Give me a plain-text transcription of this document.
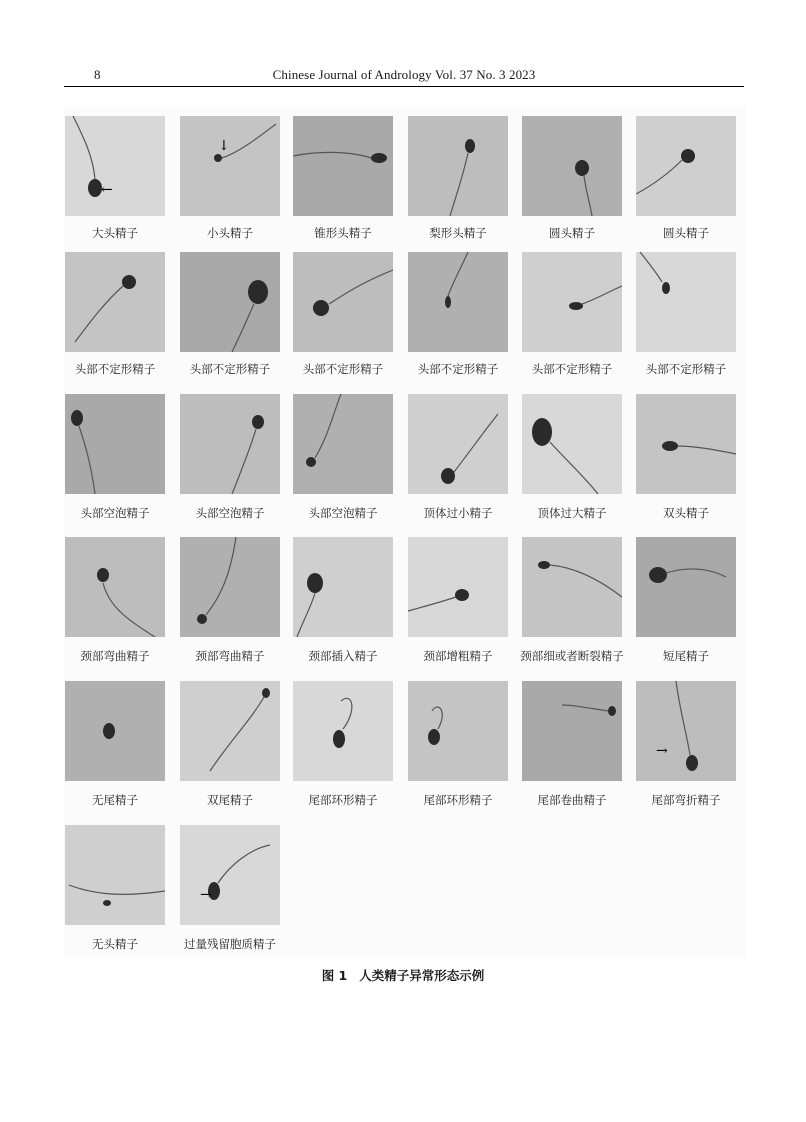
8	Chinese Journal of Andrology Vol. 37 No. 3 2023
←
↓
→
→
大头精子	小头精子	锥形头精子	梨形头精子	圆头精子	圆头精子
头部不定形精子	头部不定形精子	头部不定形精子	头部不定形精子	头部不定形精子	头部不定形精子
头部空泡精子	头部空泡精子	头部空泡精子	顶体过小精子	顶体过大精子	双头精子
颈部弯曲精子	颈部弯曲精子	颈部插入精子	颈部增粗精子	颈部细或者断裂精子	短尾精子
无尾精子	双尾精子	尾部环形精子	尾部环形精子	尾部卷曲精子	尾部弯折精子
无头精子	过量残留胞质精子
图 1 人类精子异常形态示例
